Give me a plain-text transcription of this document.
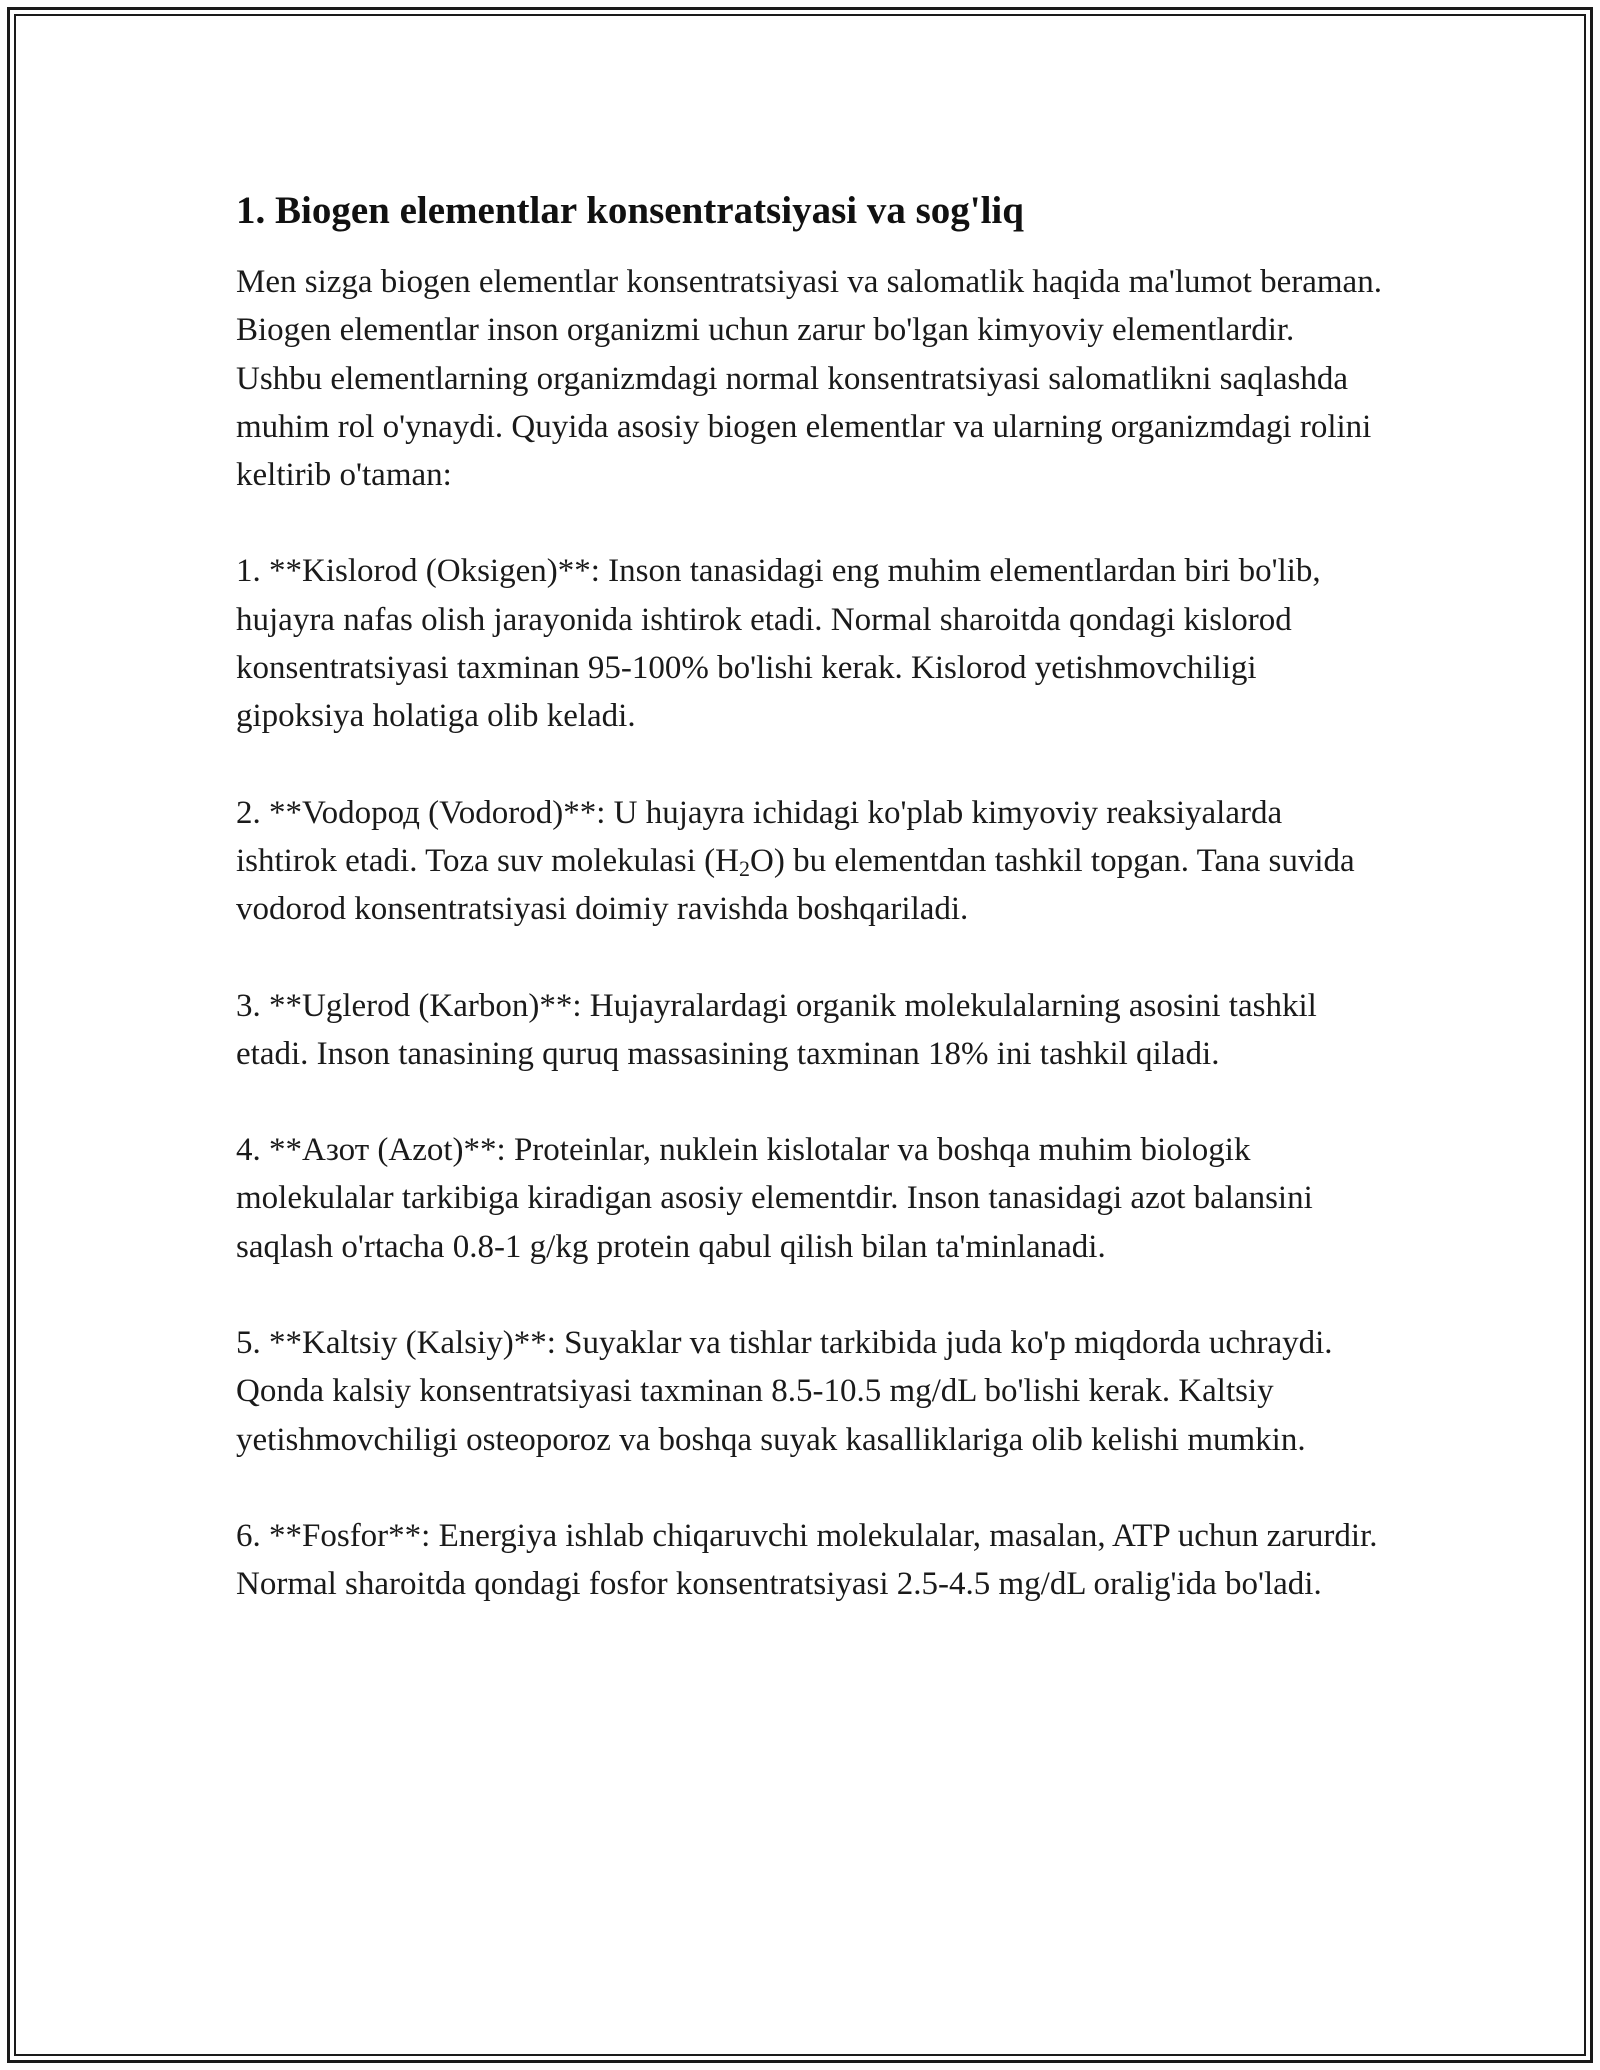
1. Biogen elementlar konsentratsiyasi va sog'liq

Men sizga biogen elementlar konsentratsiyasi va salomatlik haqida ma'lumot beraman. Biogen elementlar inson organizmi uchun zarur bo'lgan kimyoviy elementlardir. Ushbu elementlarning organizmdagi normal konsentratsiyasi salomatlikni saqlashda muhim rol o'ynaydi. Quyida asosiy biogen elementlar va ularning organizmdagi rolini keltirib o'taman:

1. **Kislorod (Oksigen)**: Inson tanasidagi eng muhim elementlardan biri bo'lib, hujayra nafas olish jarayonida ishtirok etadi. Normal sharoitda qondagi kislorod konsentratsiyasi taxminan 95-100% bo'lishi kerak. Kislorod yetishmovchiligi gipoksiya holatiga olib keladi.

2. **Vodoрод (Vodorod)**: U hujayra ichidagi ko'plab kimyoviy reaksiyalarda ishtirok etadi. Toza suv molekulasi $(H_2O)$ bu elementdan tashkil topgan. Tana suvida vodorod konsentratsiyasi doimiy ravishda boshqariladi.

3. **Uglerod (Karbon)**: Hujayralardagi organik molekulalarning asosini tashkil etadi. Inson tanasining quruq massasining taxminan 18% ini tashkil qiladi.

4. **Азот (Azot)**: Proteinlar, nuklein kislotalar va boshqa muhim biologik molekulalar tarkibiga kiradigan asosiy elementdir. Inson tanasidagi azot balansini saqlash o'rtacha 0.8-1 g/kg protein qabul qilish bilan ta'minlanadi.

5. **Kaltsiy (Kalsiy)**: Suyaklar va tishlar tarkibida juda ko'p miqdorda uchraydi. Qonda kalsiy konsentratsiyasi taxminan 8.5-10.5 mg/dL bo'lishi kerak. Kaltsiy yetishmovchiligi osteoporoz va boshqa suyak kasalliklariga olib kelishi mumkin.

6. **Fosfor**: Energiya ishlab chiqaruvchi molekulalar, masalan, ATP uchun zarurdir. Normal sharoitda qondagi fosfor konsentratsiyasi 2.5-4.5 mg/dL oralig'ida bo'ladi.
